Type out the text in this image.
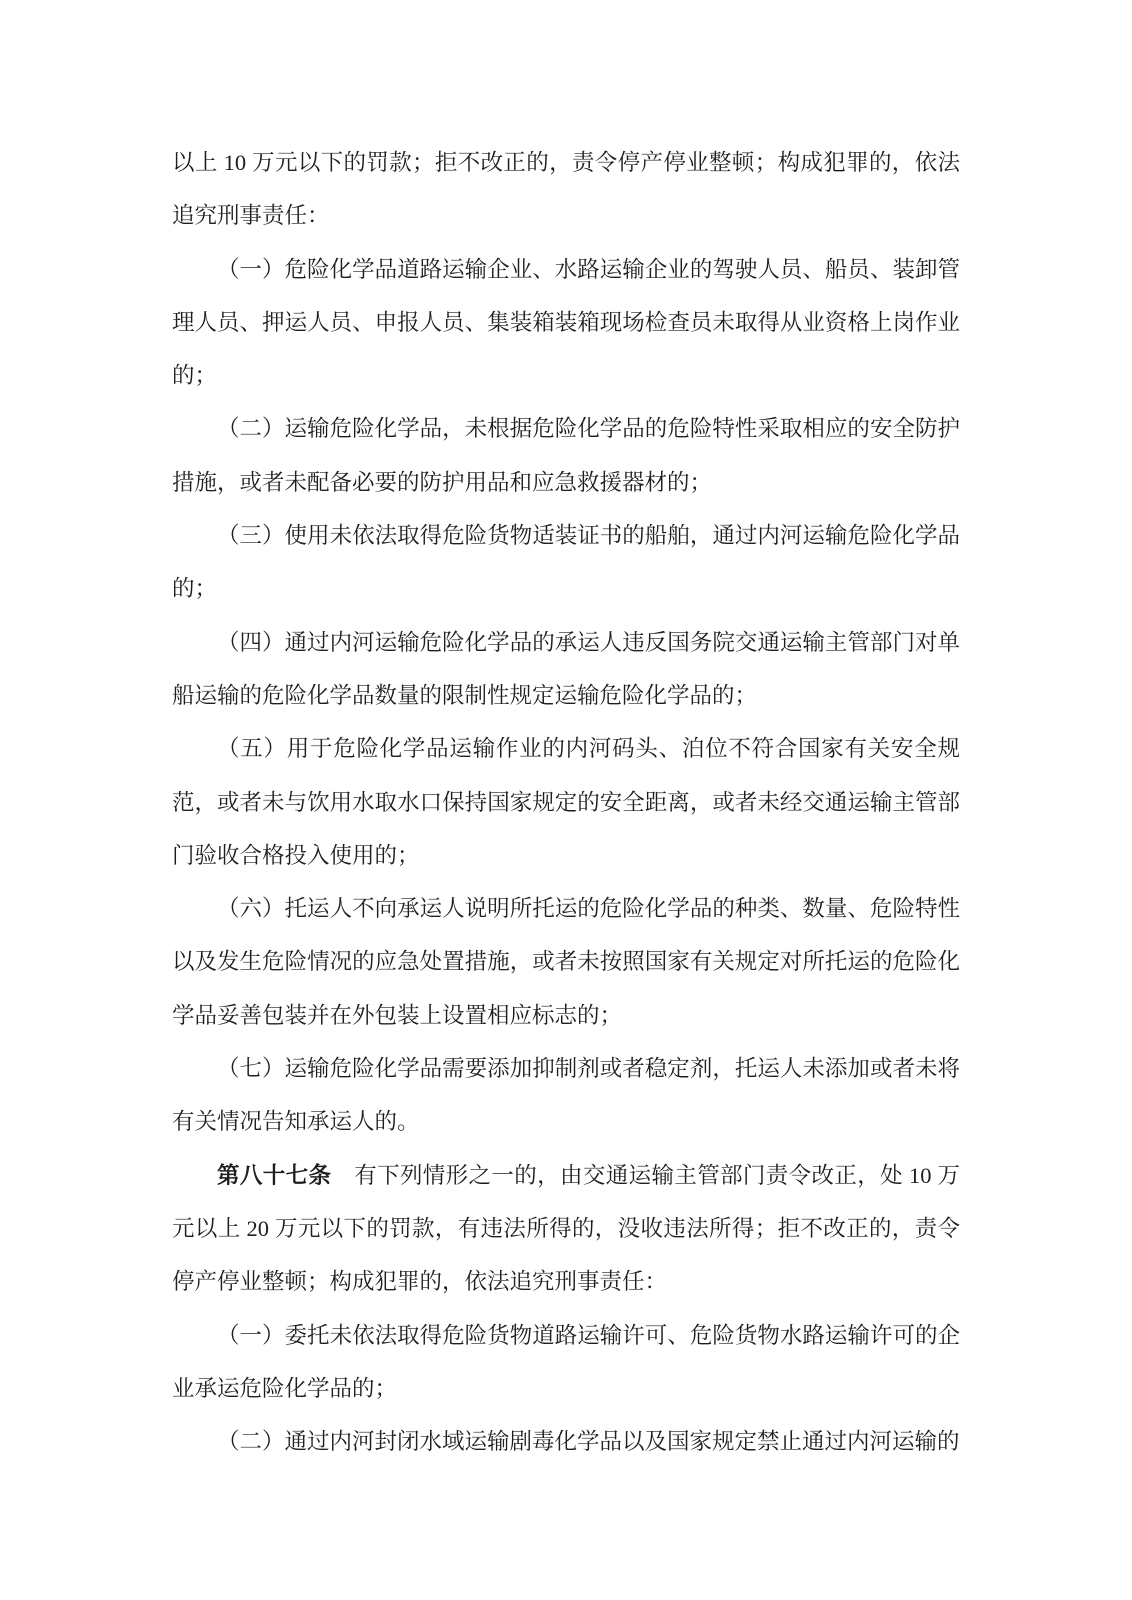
以上 10 万元以下的罚款；拒不改正的，责令停产停业整顿；构成犯罪的，依法追究刑事责任：

（一）危险化学品道路运输企业、水路运输企业的驾驶人员、船员、装卸管理人员、押运人员、申报人员、集装箱装箱现场检查员未取得从业资格上岗作业的；

（二）运输危险化学品，未根据危险化学品的危险特性采取相应的安全防护措施，或者未配备必要的防护用品和应急救援器材的；

（三）使用未依法取得危险货物适装证书的船舶，通过内河运输危险化学品的；

（四）通过内河运输危险化学品的承运人违反国务院交通运输主管部门对单船运输的危险化学品数量的限制性规定运输危险化学品的；

（五）用于危险化学品运输作业的内河码头、泊位不符合国家有关安全规范，或者未与饮用水取水口保持国家规定的安全距离，或者未经交通运输主管部门验收合格投入使用的；

（六）托运人不向承运人说明所托运的危险化学品的种类、数量、危险特性以及发生危险情况的应急处置措施，或者未按照国家有关规定对所托运的危险化学品妥善包装并在外包装上设置相应标志的；

（七）运输危险化学品需要添加抑制剂或者稳定剂，托运人未添加或者未将有关情况告知承运人的。

第八十七条　有下列情形之一的，由交通运输主管部门责令改正，处 10 万元以上 20 万元以下的罚款，有违法所得的，没收违法所得；拒不改正的，责令停产停业整顿；构成犯罪的，依法追究刑事责任：

（一）委托未依法取得危险货物道路运输许可、危险货物水路运输许可的企业承运危险化学品的；

（二）通过内河封闭水域运输剧毒化学品以及国家规定禁止通过内河运输的
